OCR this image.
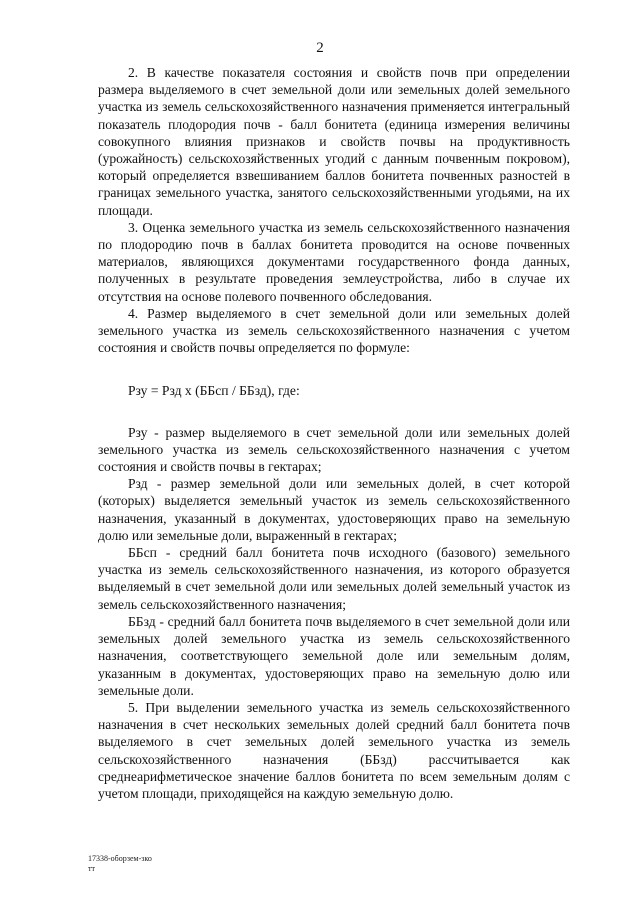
2

2. В качестве показателя состояния и свойств почв при определении размера выделяемого в счет земельной доли или земельных долей земельного участка из земель сельскохозяйственного назначения применяется интегральный показатель плодородия почв - балл бонитета (единица измерения величины совокупного влияния признаков и свойств почвы на продуктивность (урожайность) сельскохозяйственных угодий с данным почвенным покровом), который определяется взвешиванием баллов бонитета почвенных разностей в границах земельного участка, занятого сельскохозяйственными угодьями, на их площади.

3. Оценка земельного участка из земель сельскохозяйственного назначения по плодородию почв в баллах бонитета проводится на основе почвенных материалов, являющихся документами государственного фонда данных, полученных в результате проведения землеустройства, либо в случае их отсутствия на основе полевого почвенного обследования.

4. Размер выделяемого в счет земельной доли или земельных долей земельного участка из земель сельскохозяйственного назначения с учетом состояния и свойств почвы определяется по формуле:

Рзу = Рзд х (ББсп / ББзд), где:

Рзу - размер выделяемого в счет земельной доли или земельных долей земельного участка из земель сельскохозяйственного назначения с учетом состояния и свойств почвы в гектарах;

Рзд - размер земельной доли или земельных долей, в счет которой (которых) выделяется земельный участок из земель сельскохозяйственного назначения, указанный в документах, удостоверяющих право на земельную долю или земельные доли, выраженный в гектарах;

ББсп - средний балл бонитета почв исходного (базового) земельного участка из земель сельскохозяйственного назначения, из которого образуется выделяемый в счет земельной доли или земельных долей земельный участок из земель сельскохозяйственного назначения;

ББзд - средний балл бонитета почв выделяемого в счет земельной доли или земельных долей земельного участка из земель сельскохозяйственного назначения, соответствующего земельной доле или земельным долям, указанным в документах, удостоверяющих право на земельную долю или земельные доли.

5. При выделении земельного участка из земель сельскохозяйственного назначения в счет нескольких земельных долей средний балл бонитета почв выделяемого в счет земельных долей земельного участка из земель сельскохозяйственного назначения (ББзд) рассчитывается как среднеарифметическое значение баллов бонитета по всем земельным долям с учетом площади, приходящейся на каждую земельную долю.

17338-оборзем-зко
тт
